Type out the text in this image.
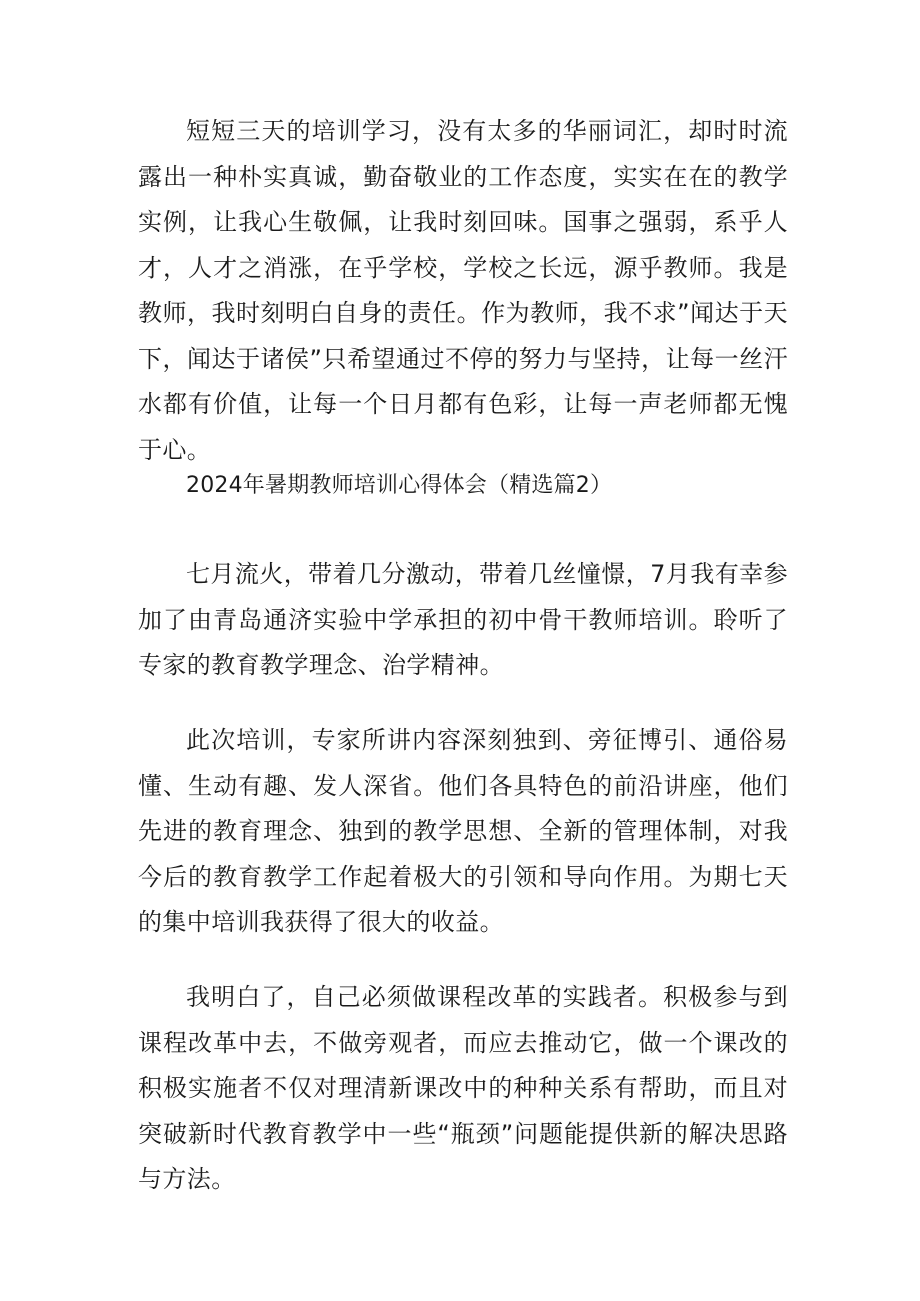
短短三天的培训学习，没有太多的华丽词汇，却时时流露出一种朴实真诚，勤奋敬业的工作态度，实实在在的教学实例，让我心生敬佩，让我时刻回味。国事之强弱，系乎人才，人才之消涨，在乎学校，学校之长远，源乎教师。我是教师，我时刻明白自身的责任。作为教师，我不求”闻达于天下，闻达于诸侯”只希望通过不停的努力与坚持，让每一丝汗水都有价值，让每一个日月都有色彩，让每一声老师都无愧于心。

2024年暑期教师培训心得体会（精选篇2）

七月流火，带着几分激动，带着几丝憧憬，7月我有幸参加了由青岛通济实验中学承担的初中骨干教师培训。聆听了专家的教育教学理念、治学精神。

此次培训，专家所讲内容深刻独到、旁征博引、通俗易懂、生动有趣、发人深省。他们各具特色的前沿讲座，他们先进的教育理念、独到的教学思想、全新的管理体制，对我今后的教育教学工作起着极大的引领和导向作用。为期七天的集中培训我获得了很大的收益。

我明白了，自己必须做课程改革的实践者。积极参与到课程改革中去，不做旁观者，而应去推动它，做一个课改的积极实施者不仅对理清新课改中的种种关系有帮助，而且对突破新时代教育教学中一些“瓶颈”问题能提供新的解决思路与方法。
